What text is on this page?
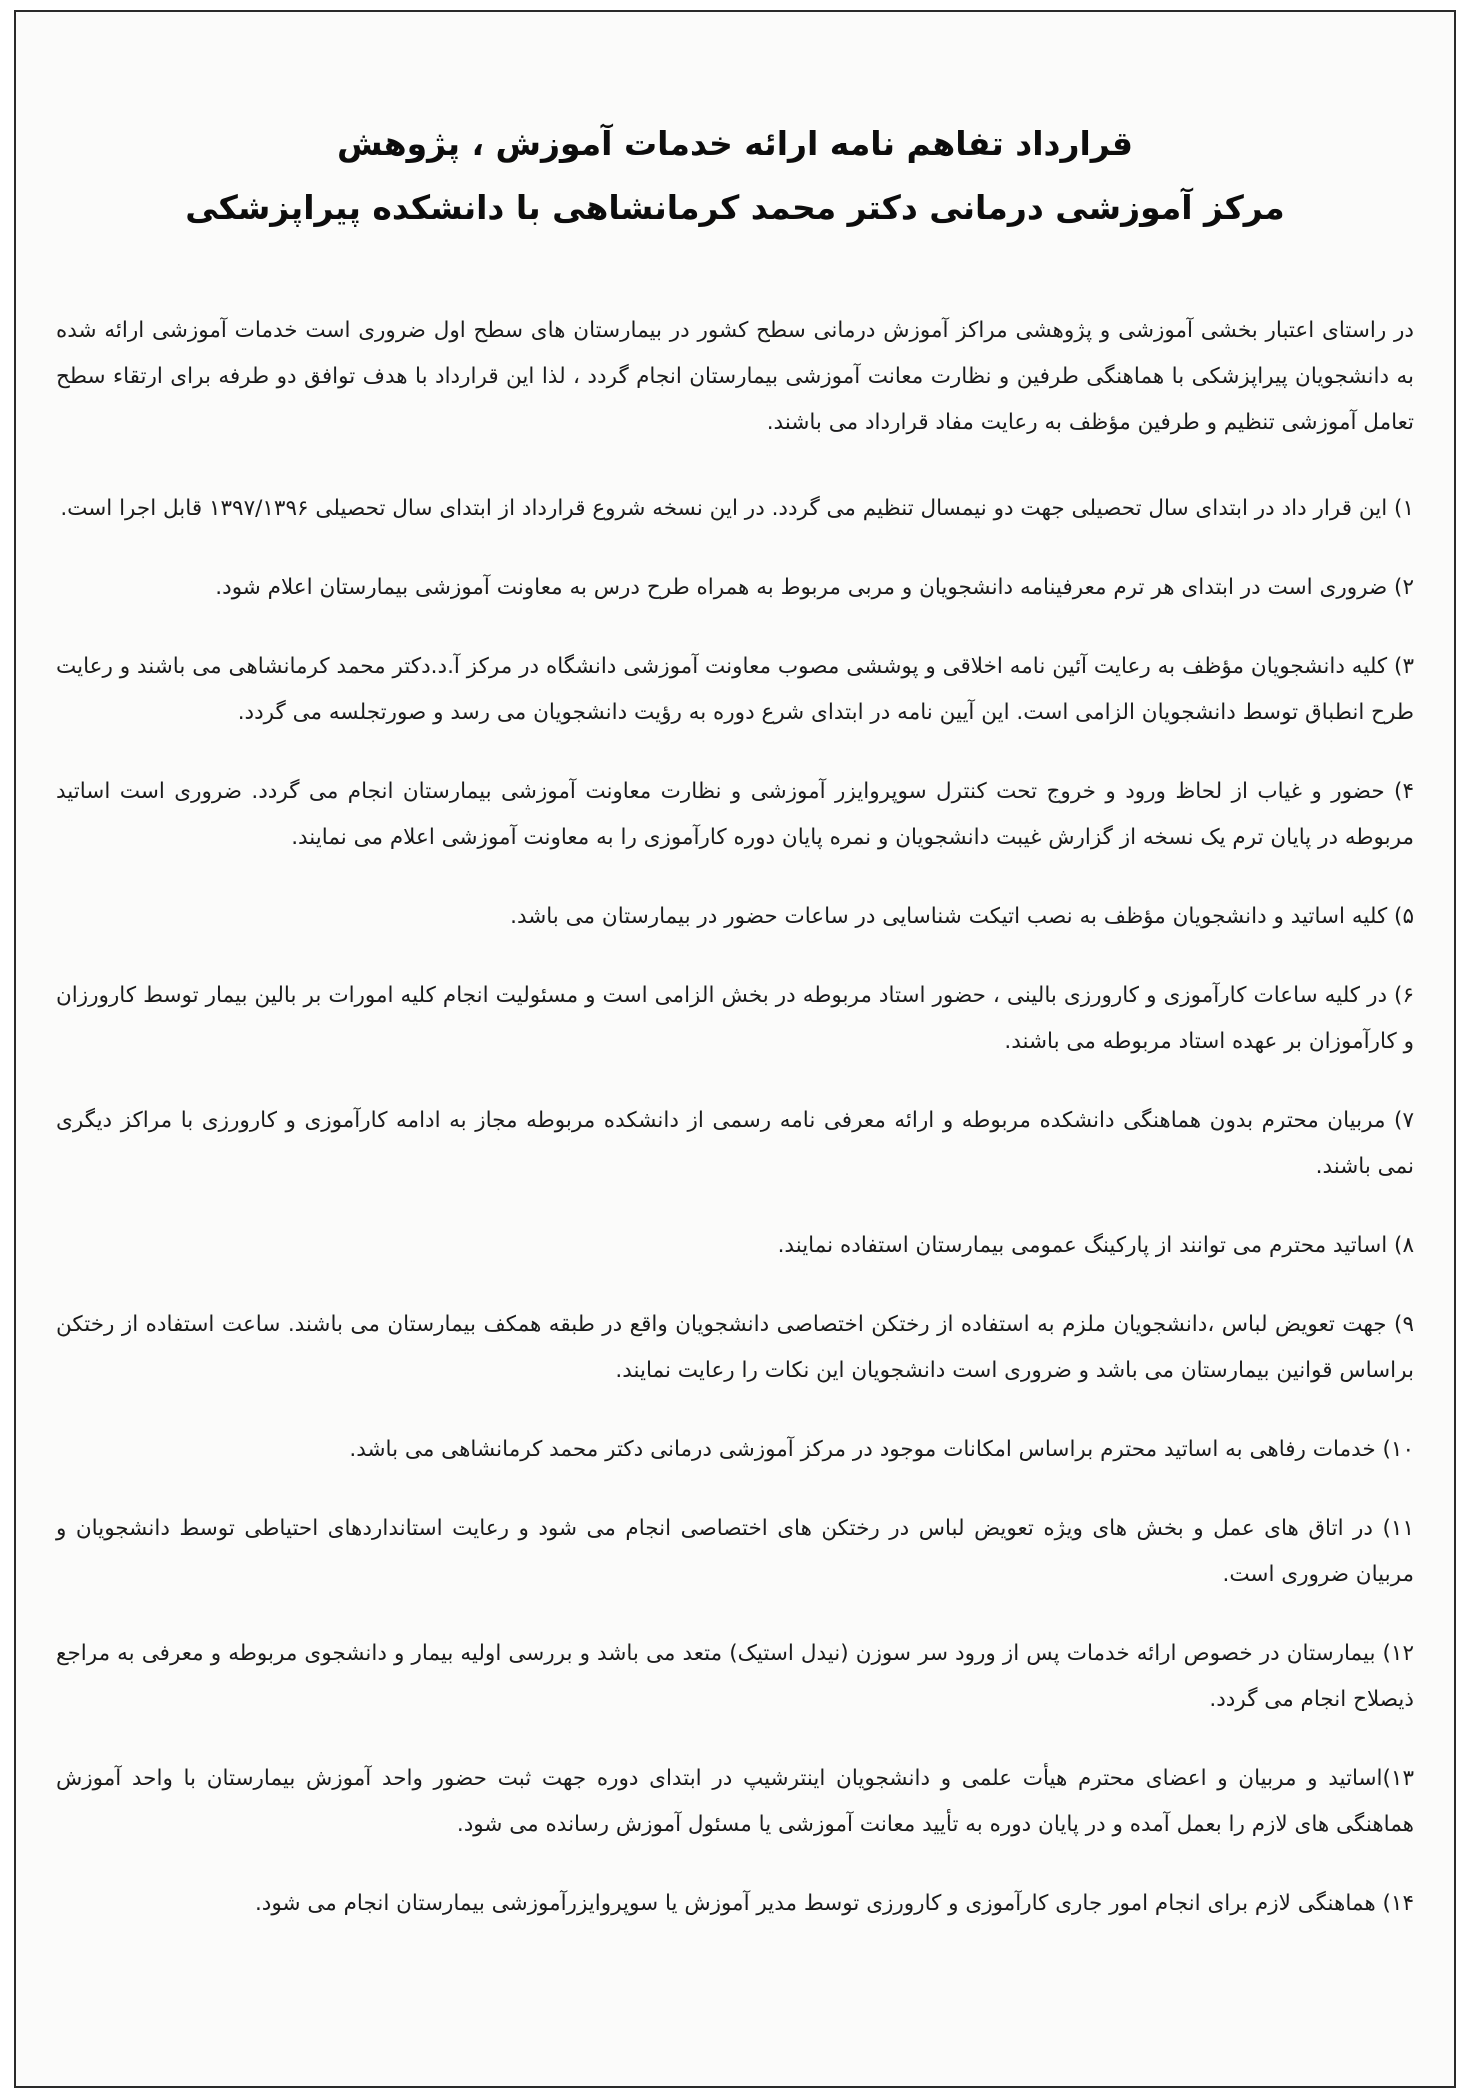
قرارداد تفاهم نامه ارائه خدمات آموزش ، پژوهش
مرکز آموزشی درمانی دکتر محمد کرمانشاهی با دانشکده پیراپزشکی

در راستای اعتبار بخشی آموزشی و پژوهشی مراکز آموزش درمانی سطح کشور در بیمارستان های سطح اول ضروری است خدمات آموزشی ارائه شده به دانشجویان پیراپزشکی با هماهنگی طرفین و نظارت معانت آموزشی بیمارستان انجام گردد ، لذا این قرارداد با هدف توافق دو طرفه برای ارتقاء سطح تعامل آموزشی تنظیم و طرفین مؤظف به رعایت مفاد قرارداد می باشند.

۱) این قرار داد در ابتدای سال تحصیلی جهت دو نیمسال تنظیم می گردد. در این نسخه شروع قرارداد از ابتدای سال تحصیلی ۱۳۹۷/۱۳۹۶ قابل اجرا است.

۲) ضروری است در ابتدای هر ترم معرفینامه دانشجویان و مربی مربوط به همراه طرح درس به معاونت آموزشی بیمارستان اعلام شود.

۳) کلیه دانشجویان مؤظف به رعایت آئین نامه اخلاقی و پوششی مصوب معاونت آموزشی دانشگاه در مرکز آ.د.دکتر محمد کرمانشاهی می باشند و رعایت طرح انطباق توسط دانشجویان الزامی است. این آیین نامه در ابتدای شرع دوره به رؤیت دانشجویان می رسد و صورتجلسه می گردد.

۴) حضور و غیاب از لحاظ ورود و خروج تحت کنترل سوپروایزر آموزشی و نظارت معاونت آموزشی بیمارستان انجام می گردد. ضروری است اساتید مربوطه در پایان ترم یک نسخه از گزارش غیبت دانشجویان و نمره پایان دوره کارآموزی را به معاونت آموزشی اعلام می نمایند.

۵) کلیه اساتید و دانشجویان مؤظف به نصب اتیکت شناسایی در ساعات حضور در بیمارستان می باشد.

۶) در کلیه ساعات کارآموزی و کارورزی بالینی ، حضور استاد مربوطه در بخش الزامی است و مسئولیت انجام کلیه امورات بر بالین بیمار توسط کارورزان و کارآموزان بر عهده استاد مربوطه می باشند.

۷) مربیان محترم بدون هماهنگی دانشکده مربوطه و ارائه معرفی نامه رسمی از دانشکده مربوطه مجاز به ادامه کارآموزی و کارورزی با مراکز دیگری نمی باشند.

۸) اساتید محترم می توانند از پارکینگ عمومی بیمارستان استفاده نمایند.

۹) جهت تعویض لباس ،دانشجویان ملزم به استفاده از رختکن اختصاصی دانشجویان واقع در طبقه همکف بیمارستان می باشند. ساعت استفاده از رختکن براساس قوانین بیمارستان می باشد و ضروری است دانشجویان این نکات را رعایت نمایند.

۱۰) خدمات رفاهی به اساتید محترم براساس امکانات موجود در مرکز آموزشی درمانی دکتر محمد کرمانشاهی می باشد.

۱۱) در اتاق های عمل و بخش های ویژه تعویض لباس در رختکن های اختصاصی انجام می شود و رعایت استانداردهای احتیاطی توسط دانشجویان و مربیان ضروری است.

۱۲) بیمارستان در خصوص ارائه خدمات پس از ورود سر سوزن (نیدل استیک) متعد می باشد و بررسی اولیه بیمار و دانشجوی مربوطه و معرفی به مراجع ذیصلاح انجام می گردد.

۱۳)اساتید و مربیان و اعضای محترم هیأت علمی و دانشجویان اینترشیپ در ابتدای دوره جهت ثبت حضور واحد آموزش بیمارستان با واحد آموزش هماهنگی های لازم را بعمل آمده و در پایان دوره به تأیید معانت آموزشی یا مسئول آموزش رسانده می شود.

۱۴) هماهنگی لازم برای انجام امور جاری کارآموزی و کارورزی توسط مدیر آموزش یا سوپروایزرآموزشی بیمارستان انجام می شود.
